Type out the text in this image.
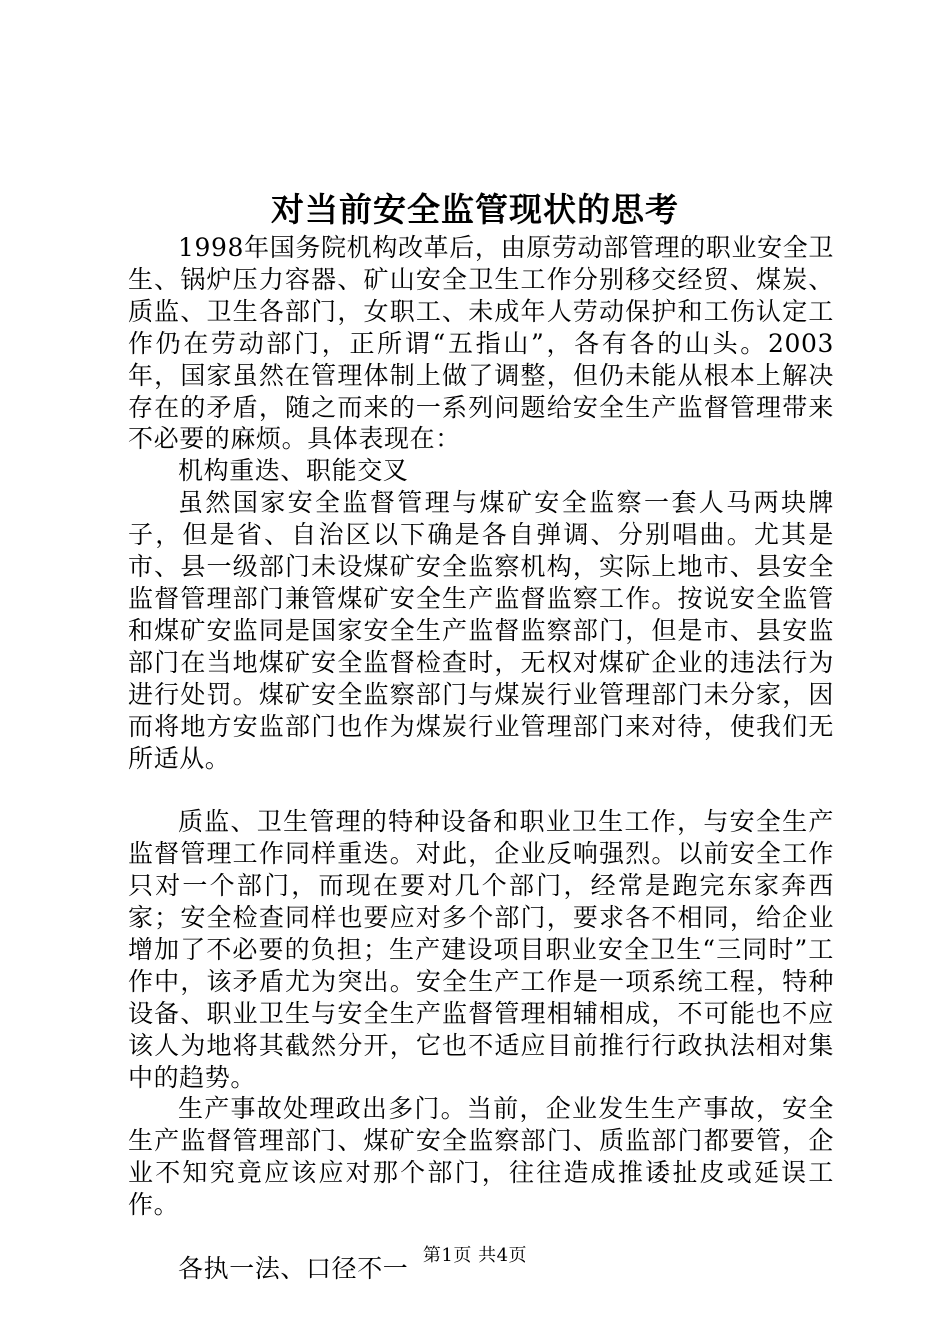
对当前安全监管现状的思考

1998年国务院机构改革后，由原劳动部管理的职业安全卫生、锅炉压力容器、矿山安全卫生工作分别移交经贸、煤炭、质监、卫生各部门，女职工、未成年人劳动保护和工伤认定工作仍在劳动部门，正所谓“五指山”，各有各的山头。2003年，国家虽然在管理体制上做了调整，但仍未能从根本上解决存在的矛盾，随之而来的一系列问题给安全生产监督管理带来不必要的麻烦。具体表现在：

机构重迭、职能交叉

虽然国家安全监督管理与煤矿安全监察一套人马两块牌子，但是省、自治区以下确是各自弹调、分别唱曲。尤其是市、县一级部门未设煤矿安全监察机构，实际上地市、县安全监督管理部门兼管煤矿安全生产监督监察工作。按说安全监管和煤矿安监同是国家安全生产监督监察部门，但是市、县安监部门在当地煤矿安全监督检查时，无权对煤矿企业的违法行为进行处罚。煤矿安全监察部门与煤炭行业管理部门未分家，因而将地方安监部门也作为煤炭行业管理部门来对待，使我们无所适从。

质监、卫生管理的特种设备和职业卫生工作，与安全生产监督管理工作同样重迭。对此，企业反响强烈。以前安全工作只对一个部门，而现在要对几个部门，经常是跑完东家奔西家；安全检查同样也要应对多个部门，要求各不相同，给企业增加了不必要的负担；生产建设项目职业安全卫生“三同时”工作中，该矛盾尤为突出。安全生产工作是一项系统工程，特种设备、职业卫生与安全生产监督管理相辅相成，不可能也不应该人为地将其截然分开，它也不适应目前推行行政执法相对集中的趋势。

生产事故处理政出多门。当前，企业发生生产事故，安全生产监督管理部门、煤矿安全监察部门、质监部门都要管，企业不知究竟应该应对那个部门，往往造成推诿扯皮或延误工作。

各执一法、口径不一 第1页 共4页
